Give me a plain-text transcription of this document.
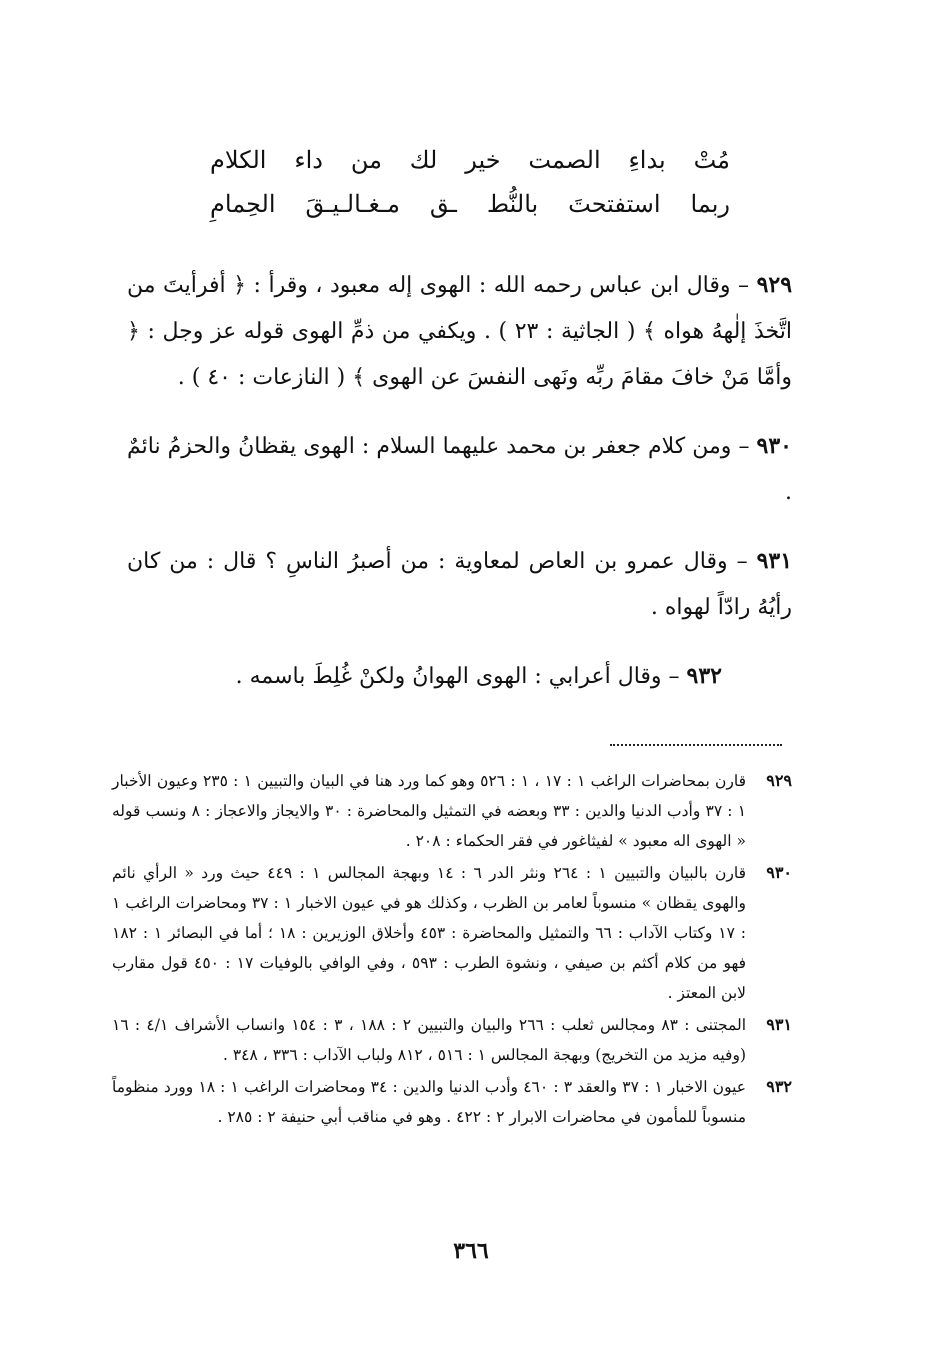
مُتْ
بداءِ
الصمت
خير
لك
من
داء
الكلام
ربما
استفتحتَ
بالنُّط
ـق
مـغـالـيـقَ
الحِمامِ

٩٢٩ – وقال ابن عباس رحمه الله : الهوى إله معبود ، وقرأ : ﴿ أفرأيتَ من اتَّخذَ إلٰههُ هواه ﴾ ( الجاثية : ٢٣ ) . ويكفي من ذمِّ الهوى قوله عز وجل : ﴿ وأمَّا مَنْ خافَ مقامَ ربِّه ونَهى النفسَ عن الهوى ﴾ ( النازعات : ٤٠ ) .

٩٣٠ – ومن كلام جعفر بن محمد عليهما السلام : الهوى يقظانُ والحزمُ نائمٌ .

٩٣١ – وقال عمرو بن العاص لمعاوية : من أصبرُ الناسِ ؟ قال : من كان رأيُهُ رادّاً لهواه .

٩٣٢ – وقال أعرابي : الهوى الهوانُ ولكنْ غُلِطَ باسمه .

٩٢٩
قارن بمحاضرات الراغب ١ : ١٧ ، ١ : ٥٢٦ وهو كما ورد هنا في البيان والتبيين ١ : ٢٣٥ وعيون الأخبار ١ : ٣٧ وأدب الدنيا والدين : ٣٣ وبعضه في التمثيل والمحاضرة : ٣٠ والايجاز والاعجاز : ٨ ونسب قوله « الهوى اله معبود » لفيثاغور في فقر الحكماء : ٢٠٨ .
٩٣٠
قارن بالبيان والتبيين ١ : ٢٦٤ ونثر الدر ٦ : ١٤ وبهجة المجالس ١ : ٤٤٩ حيث ورد « الرأي نائم والهوى يقظان » منسوباً لعامر بن الظرب ، وكذلك هو في عيون الاخبار ١ : ٣٧ ومحاضرات الراغب ١ : ١٧ وكتاب الآداب : ٦٦ والتمثيل والمحاضرة : ٤٥٣ وأخلاق الوزيرين : ١٨ ؛ أما في البصائر ١ : ١٨٢ فهو من كلام أكثم بن صيفي ، ونشوة الطرب : ٥٩٣ ، وفي الوافي بالوفيات ١٧ : ٤٥٠ قول مقارب لابن المعتز .
٩٣١
المجتنى : ٨٣ ومجالس ثعلب : ٢٦٦ والبيان والتبيين ٢ : ١٨٨ ، ٣ : ١٥٤ وانساب الأشراف ٤/١ : ١٦ (وفيه مزيد من التخريج) وبهجة المجالس ١ : ٥١٦ ، ٨١٢ ولباب الآداب : ٣٣٦ ، ٣٤٨ .
٩٣٢
عيون الاخبار ١ : ٣٧ والعقد ٣ : ٤٦٠ وأدب الدنيا والدين : ٣٤ ومحاضرات الراغب ١ : ١٨ وورد منظوماً منسوباً للمأمون في محاضرات الابرار ٢ : ٤٢٢ . وهو في مناقب أبي حنيفة ٢ : ٢٨٥ .
٣٦٦
